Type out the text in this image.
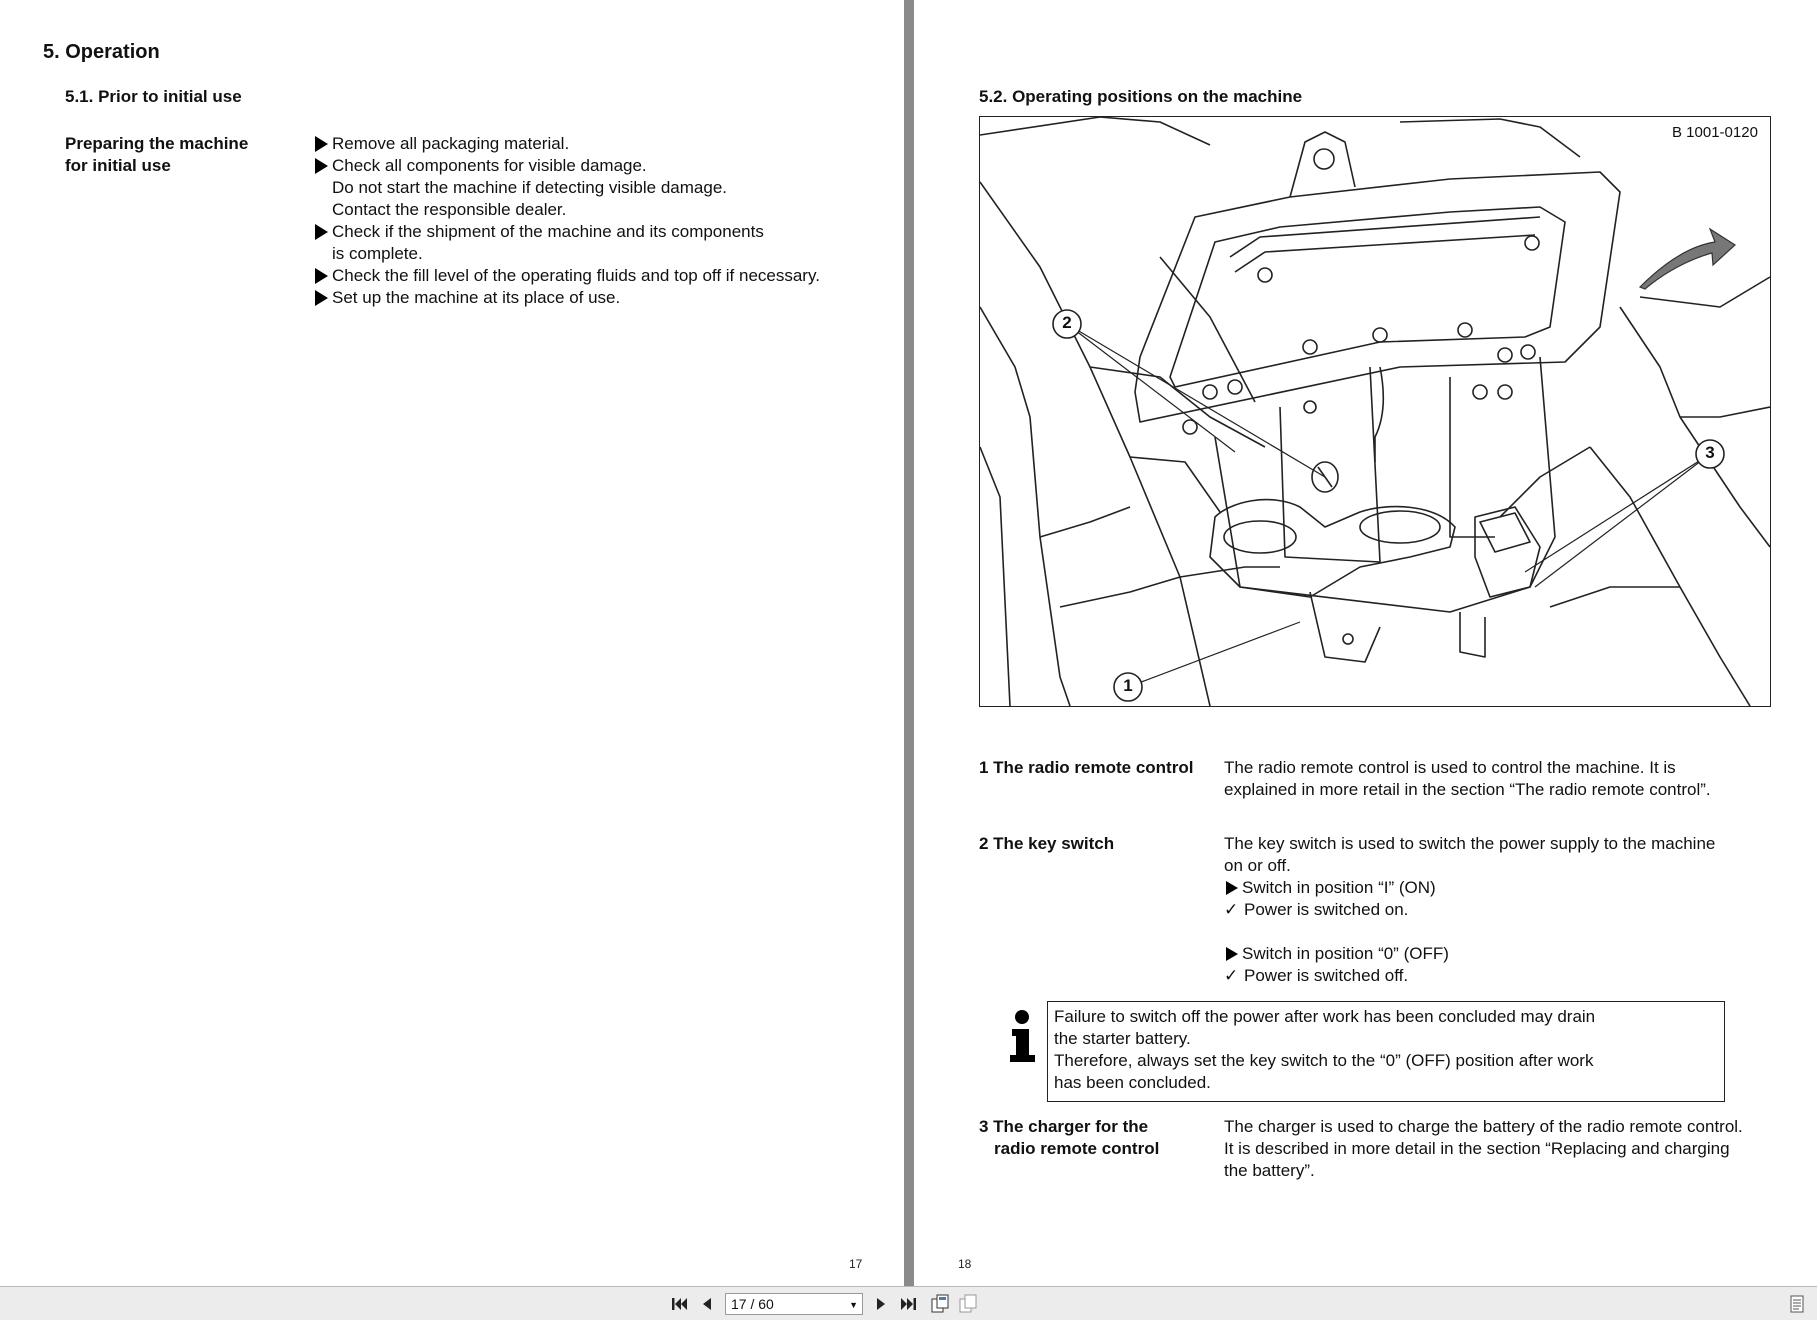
5. Operation
5.1. Prior to initial use
Preparing the machine
for initial use
Remove all packaging material.
Check all components for visible damage.
Do not start the machine if detecting visible damage.
Contact the responsible dealer.
Check if the shipment of the machine and its components
is complete.
Check the fill level of the operating fluids and top off if necessary.
Set up the machine at its place of use.
17
5.2. Operating positions on the machine
B 1001-0120
2
3
1
1 The radio remote control The radio remote control is used to control the machine. It is
explained in more retail in the section “The radio remote control”.
2 The key switch	The key switch is used to switch the power supply to the machine
on or off.
Switch in position “I” (ON)
✓ Power is switched on.
Switch in position “0” (OFF)
✓ Power is switched off.
Failure to switch off the power after work has been concluded may drain
the starter battery.
Therefore, always set the key switch to the “0” (OFF) position after work
has been concluded.
3 The charger for the
radio remote control
The charger is used to charge the battery of the radio remote control.
It is described in more detail in the section “Replacing and charging
the battery”.
18
17 / 60	▼
